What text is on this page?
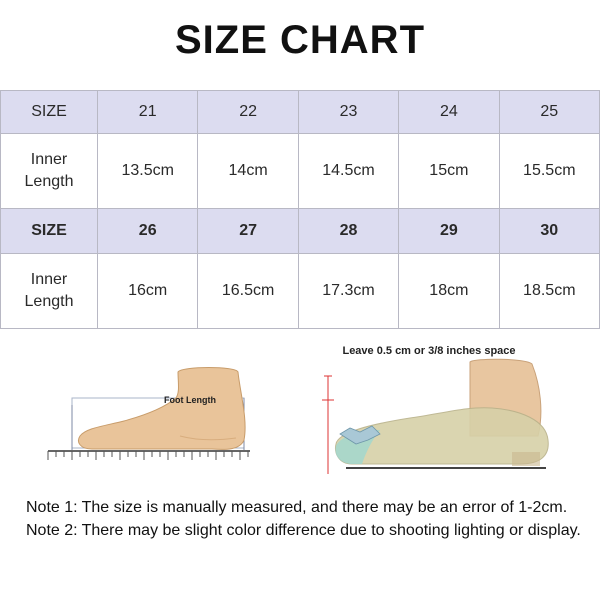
SIZE CHART
SIZE	21	22	23	24	25
Inner
Length	13.5cm	14cm	14.5cm	15cm	15.5cm
SIZE	26	27	28	29	30
Inner
Length	16cm	16.5cm	17.3cm	18cm	18.5cm
Foot Length
Leave 0.5 cm or 3/8 inches space
Note 1: The size is manually measured, and there may be an error of 1-2cm.
Note 2: There may be slight color difference due to shooting lighting or display.
